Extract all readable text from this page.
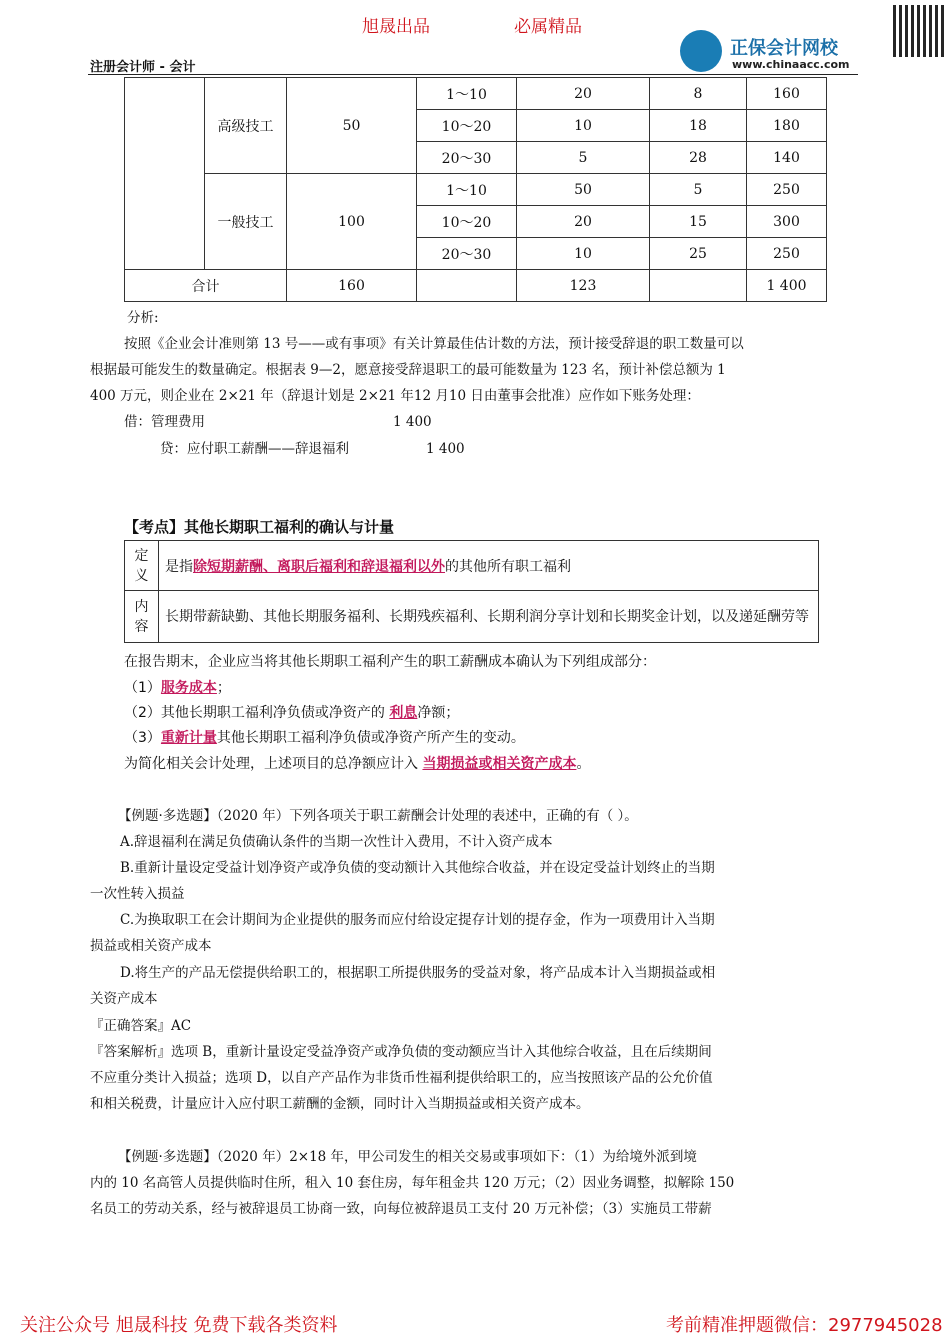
旭晟出品	必属精品
注册会计师 - 会计
正保会计网校
www.chinaacc.com
	高级技工	50	1～10	20	8	160
			10～20	10	18	180
			20～30	5	28	140
	一般技工	100	1～10	50	5	250
			10～20	20	15	300
			20～30	10	25	250
合计		160		123		1 400
分析:
按照《企业会计准则第 13 号——或有事项》有关计算最佳估计数的方法，预计接受辞退的职工数量可以
根据最可能发生的数量确定。根据表 9—2，愿意接受辞退职工的最可能数量为 123 名，预计补偿总额为 1
400 万元，则企业在 2×21 年（辞退计划是 2×21 年12 月10 日由董事会批准）应作如下账务处理：
借：管理费用	1 400
贷：应付职工薪酬——辞退福利	1 400
【考点】其他长期职工福利的确认与计量
定义	是指除短期薪酬、离职后福利和辞退福利以外的其他所有职工福利
内容	长期带薪缺勤、其他长期服务福利、长期残疾福利、长期利润分享计划和长期奖金计划，以及递延酬劳等
在报告期末，企业应当将其他长期职工福利产生的职工薪酬成本确认为下列组成部分：
（1）服务成本；
（2）其他长期职工福利净负债或净资产的 利息净额；
（3）重新计量其他长期职工福利净负债或净资产所产生的变动。
为简化相关会计处理，上述项目的总净额应计入 当期损益或相关资产成本。
【例题·多选题】（2020 年）下列各项关于职工薪酬会计处理的表述中，正确的有（ ）。
A.辞退福利在满足负债确认条件的当期一次性计入费用，不计入资产成本
B.重新计量设定受益计划净资产或净负债的变动额计入其他综合收益，并在设定受益计划终止的当期
一次性转入损益
C.为换取职工在会计期间为企业提供的服务而应付给设定提存计划的提存金，作为一项费用计入当期
损益或相关资产成本
D.将生产的产品无偿提供给职工的，根据职工所提供服务的受益对象，将产品成本计入当期损益或相
关资产成本
『正确答案』AC
『答案解析』选项 B，重新计量设定受益净资产或净负债的变动额应当计入其他综合收益，且在后续期间
不应重分类计入损益；选项 D，以自产产品作为非货币性福利提供给职工的，应当按照该产品的公允价值
和相关税费，计量应计入应付职工薪酬的金额，同时计入当期损益或相关资产成本。
【例题·多选题】（2020 年）2×18 年，甲公司发生的相关交易或事项如下：（1）为给境外派到境
内的 10 名高管人员提供临时住所，租入 10 套住房，每年租金共 120 万元；（2）因业务调整，拟解除 150
名员工的劳动关系，经与被辞退员工协商一致，向每位被辞退员工支付 20 万元补偿；（3）实施员工带薪
关注公众号 旭晟科技 免费下载各类资料	考前精准押题微信：2977945028
